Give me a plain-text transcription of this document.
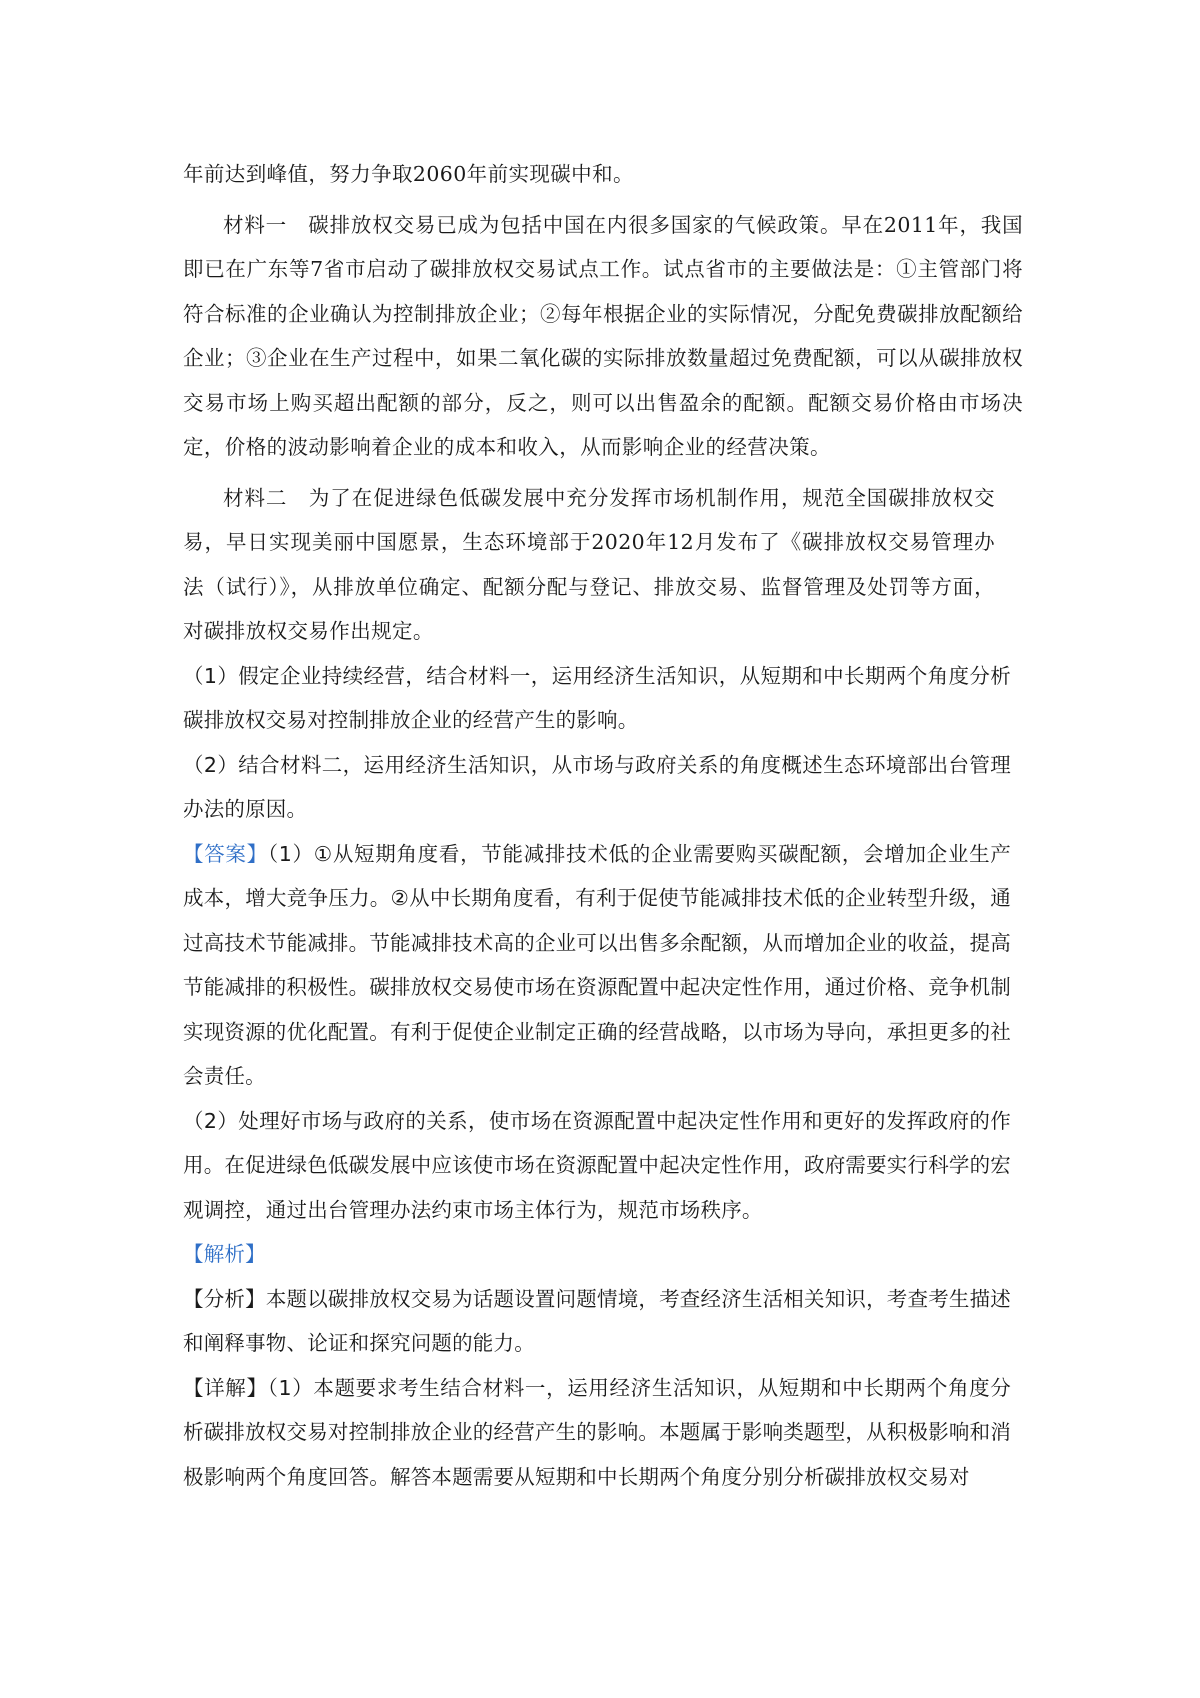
年前达到峰值，努力争取2060年前实现碳中和。

材料一　碳排放权交易已成为包括中国在内很多国家的气候政策。早在2011年，我国即已在广东等7省市启动了碳排放权交易试点工作。试点省市的主要做法是：①主管部门将符合标准的企业确认为控制排放企业；②每年根据企业的实际情况，分配免费碳排放配额给企业；③企业在生产过程中，如果二氧化碳的实际排放数量超过免费配额，可以从碳排放权交易市场上购买超出配额的部分，反之，则可以出售盈余的配额。配额交易价格由市场决定，价格的波动影响着企业的成本和收入，从而影响企业的经营决策。

材料二　为了在促进绿色低碳发展中充分发挥市场机制作用，规范全国碳排放权交易，早日实现美丽中国愿景，生态环境部于2020年12月发布了《碳排放权交易管理办法（试行）》，从排放单位确定、配额分配与登记、排放交易、监督管理及处罚等方面，对碳排放权交易作出规定。

（1）假定企业持续经营，结合材料一，运用经济生活知识，从短期和中长期两个角度分析碳排放权交易对控制排放企业的经营产生的影响。

（2）结合材料二，运用经济生活知识，从市场与政府关系的角度概述生态环境部出台管理办法的原因。

【答案】（1）①从短期角度看，节能减排技术低的企业需要购买碳配额，会增加企业生产成本，增大竞争压力。②从中长期角度看，有利于促使节能减排技术低的企业转型升级，通过高技术节能减排。节能减排技术高的企业可以出售多余配额，从而增加企业的收益，提高节能减排的积极性。碳排放权交易使市场在资源配置中起决定性作用，通过价格、竞争机制实现资源的优化配置。有利于促使企业制定正确的经营战略，以市场为导向，承担更多的社会责任。

（2）处理好市场与政府的关系，使市场在资源配置中起决定性作用和更好的发挥政府的作用。在促进绿色低碳发展中应该使市场在资源配置中起决定性作用，政府需要实行科学的宏观调控，通过出台管理办法约束市场主体行为，规范市场秩序。

【解析】

【分析】本题以碳排放权交易为话题设置问题情境，考查经济生活相关知识，考查考生描述和阐释事物、论证和探究问题的能力。

【详解】（1）本题要求考生结合材料一，运用经济生活知识，从短期和中长期两个角度分析碳排放权交易对控制排放企业的经营产生的影响。本题属于影响类题型，从积极影响和消极影响两个角度回答。解答本题需要从短期和中长期两个角度分别分析碳排放权交易对
